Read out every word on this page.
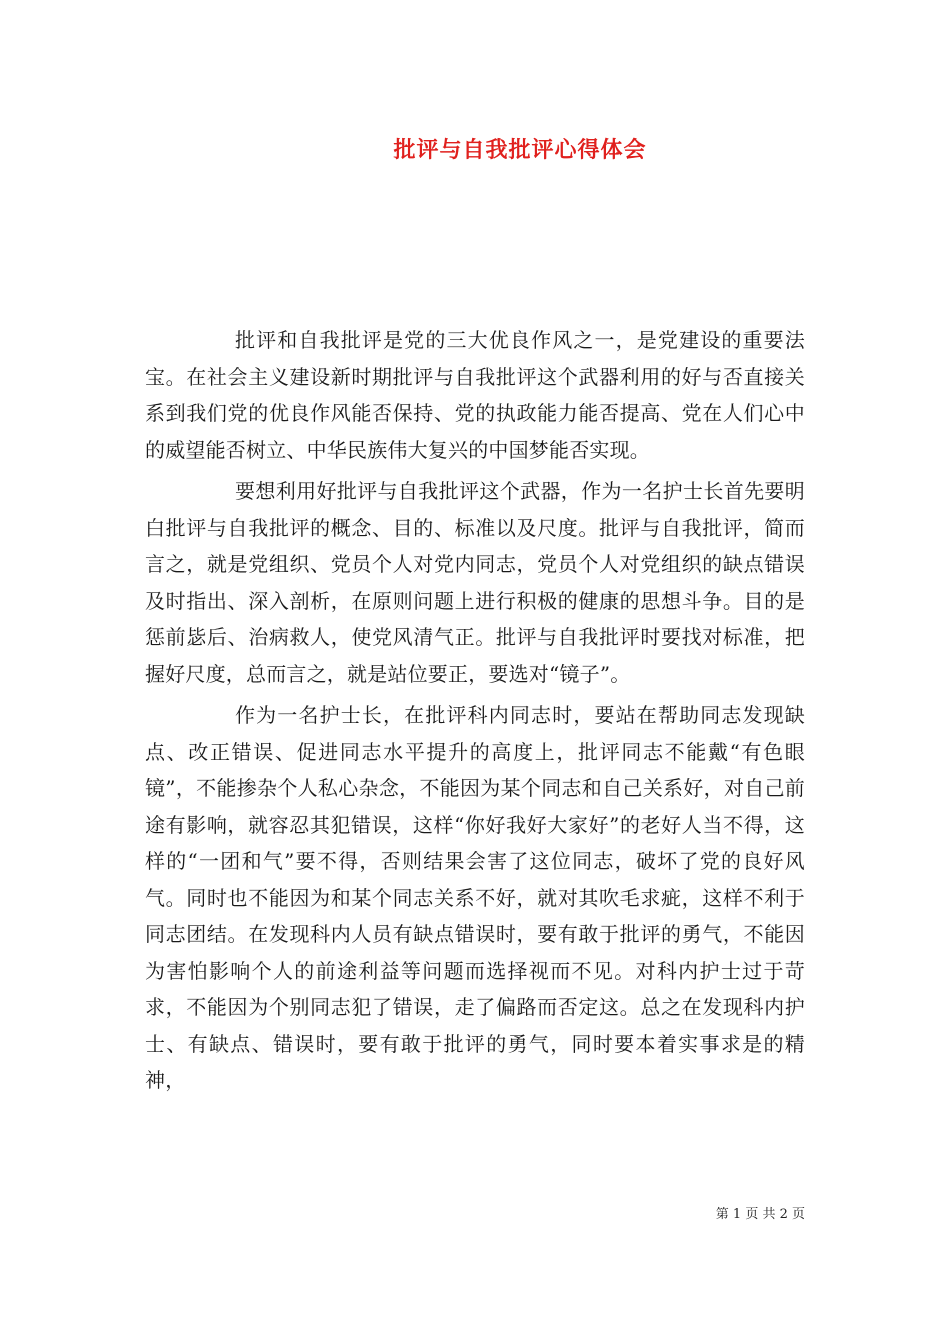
批评与自我批评心得体会

批评和自我批评是党的三大优良作风之一，是党建设的重要法宝。在社会主义建设新时期批评与自我批评这个武器利用的好与否直接关系到我们党的优良作风能否保持、党的执政能力能否提高、党在人们心中的威望能否树立、中华民族伟大复兴的中国梦能否实现。

要想利用好批评与自我批评这个武器，作为一名护士长首先要明白批评与自我批评的概念、目的、标准以及尺度。批评与自我批评，简而言之，就是党组织、党员个人对党内同志，党员个人对党组织的缺点错误及时指出、深入剖析，在原则问题上进行积极的健康的思想斗争。目的是惩前毖后、治病救人，使党风清气正。批评与自我批评时要找对标准，把握好尺度，总而言之，就是站位要正，要选对“镜子”。

作为一名护士长，在批评科内同志时，要站在帮助同志发现缺点、改正错误、促进同志水平提升的高度上，批评同志不能戴“有色眼镜”，不能掺杂个人私心杂念，不能因为某个同志和自己关系好，对自己前途有影响，就容忍其犯错误，这样“你好我好大家好”的老好人当不得，这样的“一团和气”要不得，否则结果会害了这位同志，破坏了党的良好风气。同时也不能因为和某个同志关系不好，就对其吹毛求疵，这样不利于同志团结。在发现科内人员有缺点错误时，要有敢于批评的勇气，不能因为害怕影响个人的前途利益等问题而选择视而不见。对科内护士过于苛求，不能因为个别同志犯了错误，走了偏路而否定这。总之在发现科内护士、有缺点、错误时，要有敢于批评的勇气，同时要本着实事求是的精神，

第 1 页 共 2 页
